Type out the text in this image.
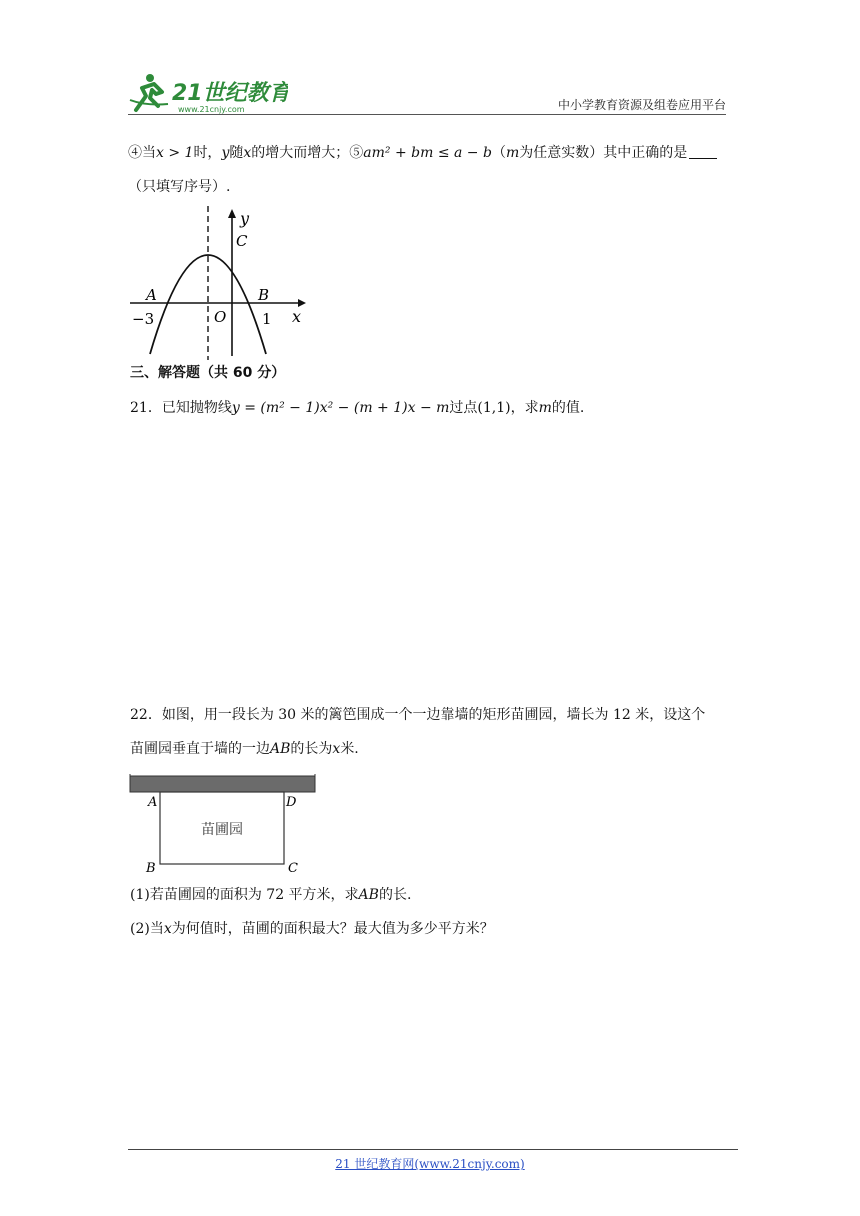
21世纪教育
www.21cnjy.com	中小学教育资源及组卷应用平台
④当x > 1时，y随x的增大而增大；⑤am² + bm ≤ a − b（m为任意实数）其中正确的是
（只填写序号）.
y
C
A	B
O
−3	1 x
三、解答题（共 60 分）
21．已知抛物线y = (m² − 1)x² − (m + 1)x − m过点(1,1)，求m的值.
22．如图，用一段长为 30 米的篱笆围成一个一边靠墙的矩形苗圃园，墙长为 12 米，设这个
苗圃园垂直于墙的一边AB的长为x米.
苗圃园
A	D
B	C
(1)若苗圃园的面积为 72 平方米，求AB的长.
(2)当x为何值时，苗圃的面积最大？最大值为多少平方米？
21 世纪教育网(www.21cnjy.com)
